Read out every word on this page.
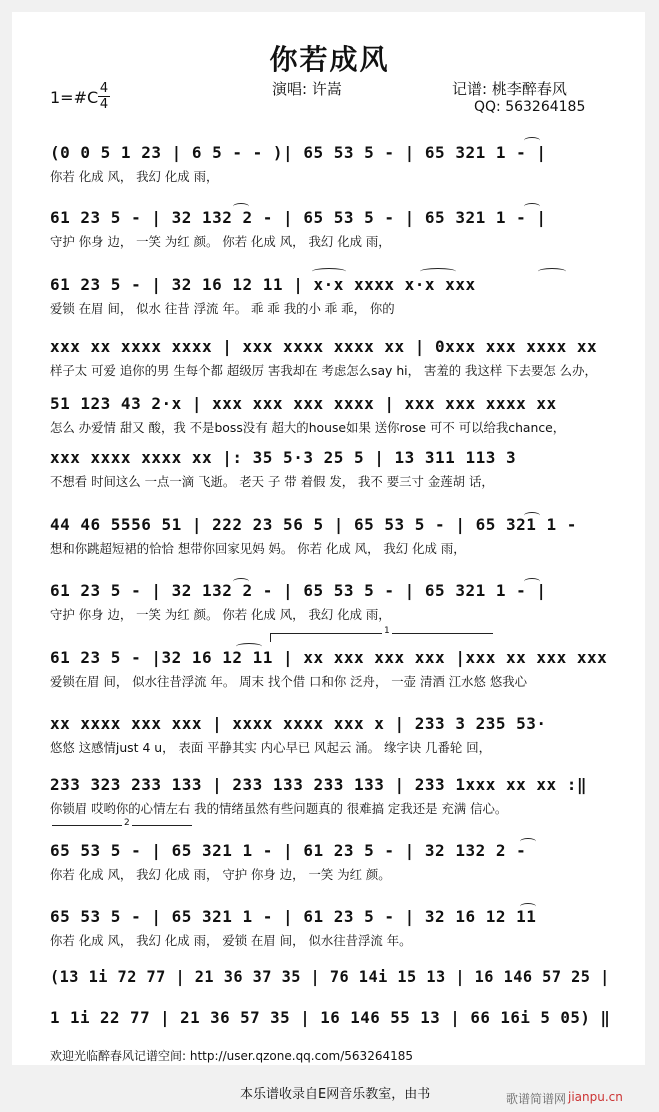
你若成风
1=#C 4
4
演唱: 许嵩	记谱: 桃李醉春风
QQ: 563264185
(0 0 5 1 23 | 6 5 - - )| 65 53 5 - | 65 321 1 - |
你若 化成 风， 我幻 化成 雨，
61 23 5 - | 32 132 2 - | 65 53 5 - | 65 321 1 - |
守护 你身 边， 一笑 为红 颜。 你若 化成 风， 我幻 化成 雨，
61 23 5 - | 32 16 12 11 | x·x xxxx x·x xxx
爱锁 在眉 间， 似水 往昔 浮流 年。 乖 乖 我的小 乖 乖， 你的
xxx xx xxxx xxxx | xxx xxxx xxxx xx | 0xxx xxx xxxx xx
样子太 可爱 追你的男 生每个都 超级厉 害我却在 考虑怎么say hi， 害羞的 我这样 下去要怎 么办，
51 123 43 2·x | xxx xxx xxx xxxx | xxx xxx xxxx xx
怎么 办爱情 甜又 酸，我 不是boss没有 超大的house如果 送你rose 可不 可以给我chance，
xxx xxxx xxxx xx |: 35 5·3 25 5 | 13 311 113 3
不想看 时间这么 一点一滴 飞逝。 老天 子 带 着假 发， 我不 要三寸 金莲胡 话，
44 46 5556 51 | 222 23 56 5 | 65 53 5 - | 65 321 1 -
想和你跳超短裙的恰恰 想带你回家见妈 妈。 你若 化成 风， 我幻 化成 雨，
61 23 5 - | 32 132 2 - | 65 53 5 - | 65 321 1 - |
守护 你身 边， 一笑 为红 颜。 你若 化成 风， 我幻 化成 雨，
61 23 5 - |32 16 12 11 | xx xxx xxx xxx |xxx xx xxx xxx
爱锁在眉 间， 似水往昔浮流 年。 周末 找个借 口和你 泛舟， 一壶 清酒 江水悠 悠我心
xx xxxx xxx xxx | xxxx xxxx xxx x | 233 3 235 53·
悠悠 这感情just 4 u， 表面 平静其实 内心早已 风起云 涌。 缘字诀 几番轮 回，
233 323 233 133 | 233 133 233 133 | 233 1xxx xx xx :‖
你锁眉 哎哟你的心情左右 我的情绪虽然有些问题真的 很难搞 定我还是 充满 信心。
65 53 5 - | 65 321 1 - | 61 23 5 - | 32 132 2 -
你若 化成 风， 我幻 化成 雨， 守护 你身 边， 一笑 为红 颜。
65 53 5 - | 65 321 1 - | 61 23 5 - | 32 16 12 11
你若 化成 风， 我幻 化成 雨， 爱锁 在眉 间， 似水往昔浮流 年。
(13 1i 72 77 | 21 36 37 35 | 76 14i 15 13 | 16 146 57 25 |
1 1i 22 77 | 21 36 57 35 | 16 146 55 13 | 66 16i 5 05) ‖
1
2
欢迎光临醉春风记谱空间: http://user.qzone.qq.com/563264185
本乐谱收录自E网音乐教室，由书	歌谱简谱网 jianpu.cn
